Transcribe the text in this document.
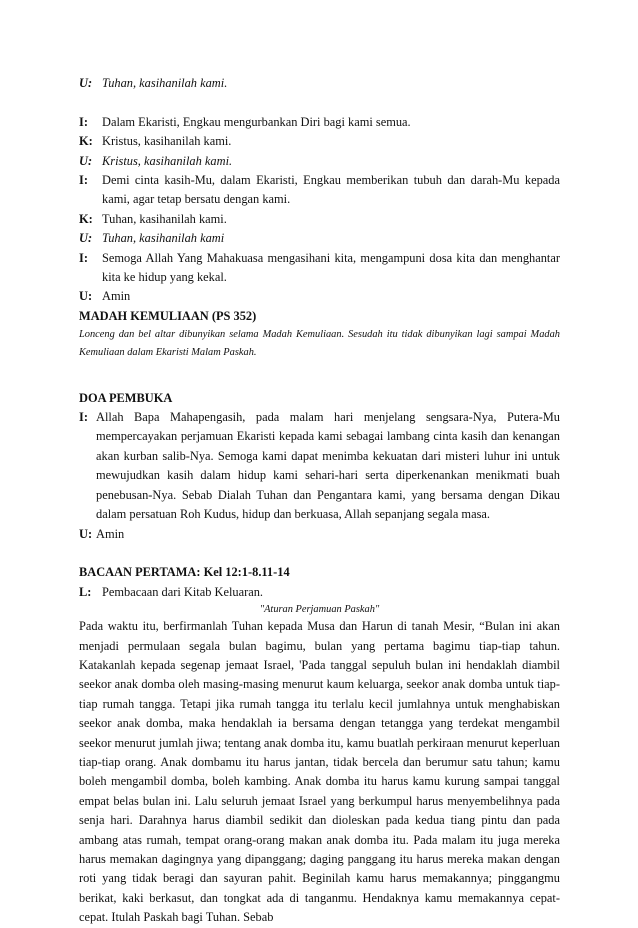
U: Tuhan, kasihanilah kami.
I:	Dalam Ekaristi, Engkau mengurbankan Diri bagi kami semua.
K: Kristus, kasihanilah kami.
U: Kristus, kasihanilah kami.
I:	Demi cinta kasih-Mu, dalam Ekaristi, Engkau memberikan tubuh dan darah-Mu kepada kami, agar tetap bersatu dengan kami.
K: Tuhan, kasihanilah kami.
U: Tuhan, kasihanilah kami
I:	Semoga Allah Yang Mahakuasa mengasihani kita, mengampuni dosa kita dan menghantar kita ke hidup yang kekal.
U: Amin
MADAH KEMULIAAN (PS 352)
Lonceng dan bel altar dibunyikan selama Madah Kemuliaan. Sesudah itu tidak dibunyikan lagi sampai Madah Kemuliaan dalam Ekaristi Malam Paskah.
DOA PEMBUKA
I: Allah Bapa Mahapengasih, pada malam hari menjelang sengsara-Nya, Putera-Mu mempercayakan perjamuan Ekaristi kepada kami sebagai lambang cinta kasih dan kenangan akan kurban salib-Nya. Semoga kami dapat menimba kekuatan dari misteri luhur ini untuk mewujudkan kasih dalam hidup kami sehari-hari serta diperkenankan menikmati buah penebusan-Nya. Sebab Dialah Tuhan dan Pengantara kami, yang bersama dengan Dikau dalam persatuan Roh Kudus, hidup dan berkuasa, Allah sepanjang segala masa.
U: Amin
BACAAN PERTAMA: Kel 12:1-8.11-14
L: Pembacaan dari Kitab Keluaran.
"Aturan Perjamuan Paskah"
Pada waktu itu, berfirmanlah Tuhan kepada Musa dan Harun di tanah Mesir, “Bulan ini akan menjadi permulaan segala bulan bagimu, bulan yang pertama bagimu tiap-tiap tahun. Katakanlah kepada segenap jemaat Israel, 'Pada tanggal sepuluh bulan ini hendaklah diambil seekor anak domba oleh masing-masing menurut kaum keluarga, seekor anak domba untuk tiap-tiap rumah tangga. Tetapi jika rumah tangga itu terlalu kecil jumlahnya untuk menghabiskan seekor anak domba, maka hendaklah ia bersama dengan tetangga yang terdekat mengambil seekor menurut jumlah jiwa; tentang anak domba itu, kamu buatlah perkiraan menurut keperluan tiap-tiap orang. Anak dombamu itu harus jantan, tidak bercela dan berumur satu tahun; kamu boleh mengambil domba, boleh kambing. Anak domba itu harus kamu kurung sampai tanggal empat belas bulan ini. Lalu seluruh jemaat Israel yang berkumpul harus menyembelihnya pada senja hari. Darahnya harus diambil sedikit dan dioleskan pada kedua tiang pintu dan pada ambang atas rumah, tempat orang-orang makan anak domba itu. Pada malam itu juga mereka harus memakan dagingnya yang dipanggang; daging panggang itu harus mereka makan dengan roti yang tidak beragi dan sayuran pahit. Beginilah kamu harus memakannya; pinggangmu berikat, kaki berkasut, dan tongkat ada di tanganmu. Hendaknya kamu memakannya cepat-cepat. Itulah Paskah bagi Tuhan. Sebab
